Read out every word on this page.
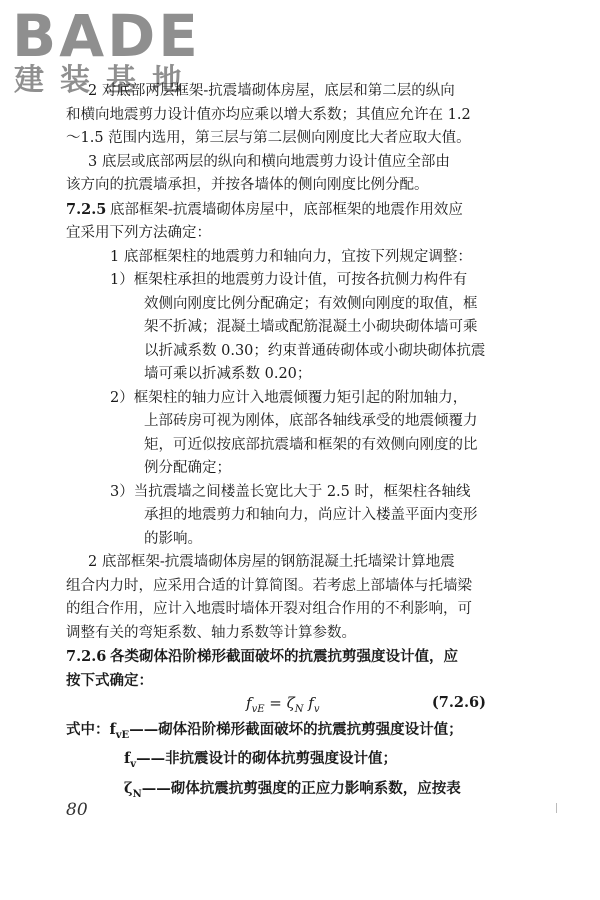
BADE
建装基地
2 对底部两层框架-抗震墙砌体房屋，底层和第二层的纵向
和横向地震剪力设计值亦均应乘以增大系数；其值应允许在 1.2
～1.5 范围内选用，第三层与第二层侧向刚度比大者应取大值。
3 底层或底部两层的纵向和横向地震剪力设计值应全部由
该方向的抗震墙承担，并按各墙体的侧向刚度比例分配。
7.2.5 底部框架-抗震墙砌体房屋中，底部框架的地震作用效应
宜采用下列方法确定：
1 底部框架柱的地震剪力和轴向力，宜按下列规定调整：
1）框架柱承担的地震剪力设计值，可按各抗侧力构件有
效侧向刚度比例分配确定；有效侧向刚度的取值，框
架不折减；混凝土墙或配筋混凝土小砌块砌体墙可乘
以折减系数 0.30；约束普通砖砌体或小砌块砌体抗震
墙可乘以折减系数 0.20；
2）框架柱的轴力应计入地震倾覆力矩引起的附加轴力，
上部砖房可视为刚体，底部各轴线承受的地震倾覆力
矩，可近似按底部抗震墙和框架的有效侧向刚度的比
例分配确定；
3）当抗震墙之间楼盖长宽比大于 2.5 时，框架柱各轴线
承担的地震剪力和轴向力，尚应计入楼盖平面内变形
的影响。
2 底部框架-抗震墙砌体房屋的钢筋混凝土托墙梁计算地震
组合内力时，应采用合适的计算简图。若考虑上部墙体与托墙梁
的组合作用，应计入地震时墙体开裂对组合作用的不利影响，可
调整有关的弯矩系数、轴力系数等计算参数。
7.2.6 各类砌体沿阶梯形截面破坏的抗震抗剪强度设计值，应
按下式确定：
$f_{vE} = \zeta_N$ $f_v$	(7.2.6)
式中：$f_{vE}——$砌体沿阶梯形截面破坏的抗震抗剪强度设计值；
$f_v——$非抗震设计的砌体抗剪强度设计值；
$\zeta_N——$砌体抗震抗剪强度的正应力影响系数，应按表
80
